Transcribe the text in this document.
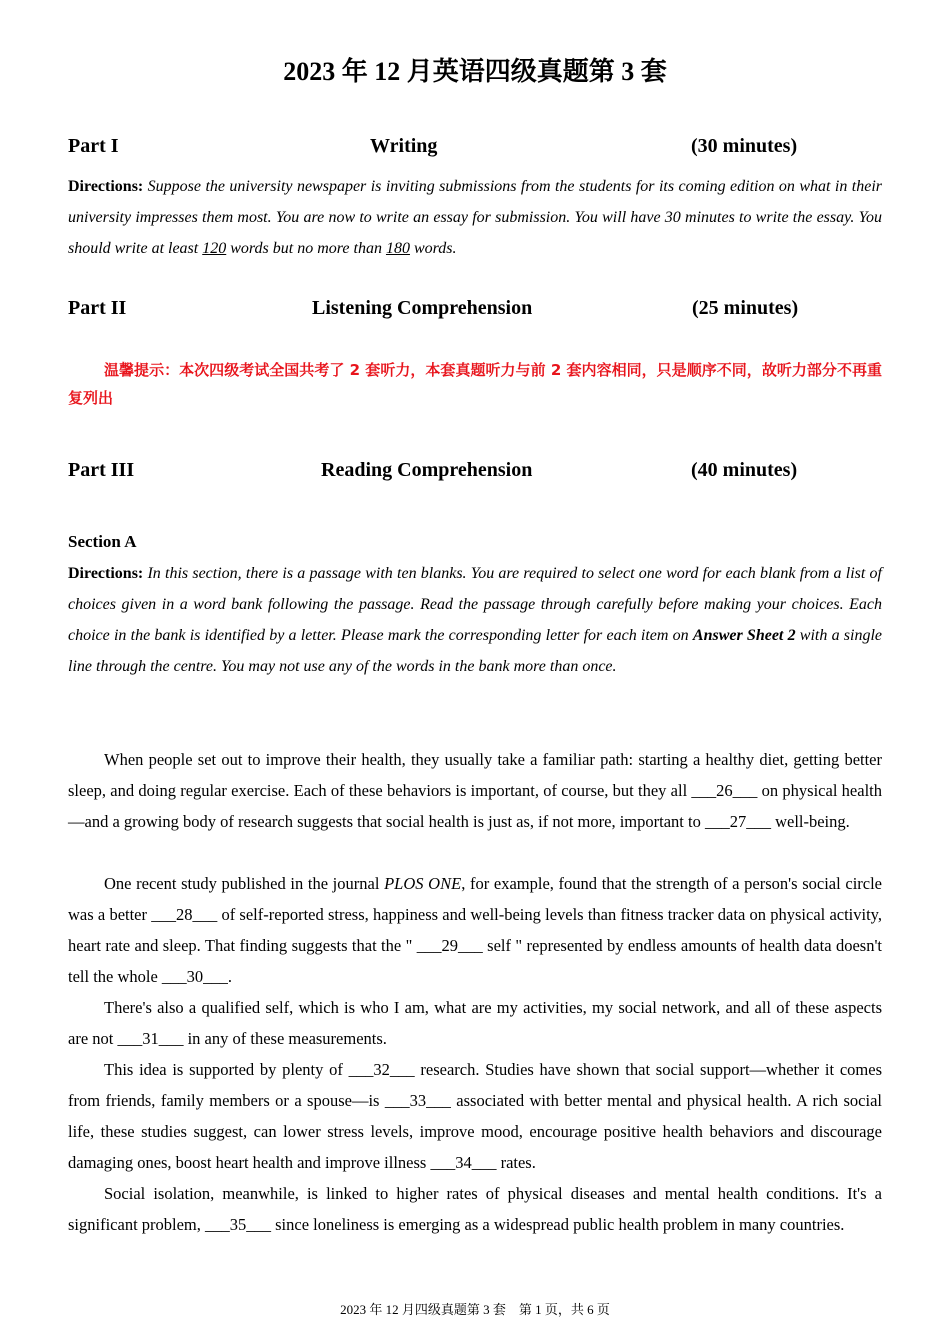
2023 年 12 月英语四级真题第 3 套
Part I	Writing	(30 minutes)
Directions: Suppose the university newspaper is inviting submissions from the students for its coming edition on what in their university impresses them most. You are now to write an essay for submission. You will have 30 minutes to write the essay. You should write at least 120 words but no more than 180 words.
Part II	Listening Comprehension	(25 minutes)
温馨提示：本次四级考试全国共考了 2 套听力，本套真题听力与前 2 套内容相同，只是顺序不同，故听力部分不再重复列出
Part III	Reading Comprehension	(40 minutes)
Section A
Directions: In this section, there is a passage with ten blanks. You are required to select one word for each blank from a list of choices given in a word bank following the passage. Read the passage through carefully before making your choices. Each choice in the bank is identified by a letter. Please mark the corresponding letter for each item on Answer Sheet 2 with a single line through the centre. You may not use any of the words in the bank more than once.
When people set out to improve their health, they usually take a familiar path: starting a healthy diet, getting better sleep, and doing regular exercise. Each of these behaviors is important, of course, but they all ___26___ on physical health—and a growing body of research suggests that social health is just as, if not more, important to ___27___ well-being.
One recent study published in the journal PLOS ONE, for example, found that the strength of a person's social circle was a better ___28___ of self-reported stress, happiness and well-being levels than fitness tracker data on physical activity, heart rate and sleep. That finding suggests that the " ___29___ self " represented by endless amounts of health data doesn't tell the whole ___30___.
There's also a qualified self, which is who I am, what are my activities, my social network, and all of these aspects are not ___31___ in any of these measurements.
This idea is supported by plenty of ___32___ research. Studies have shown that social support—whether it comes from friends, family members or a spouse—is ___33___ associated with better mental and physical health. A rich social life, these studies suggest, can lower stress levels, improve mood, encourage positive health behaviors and discourage damaging ones, boost heart health and improve illness ___34___ rates.
Social isolation, meanwhile, is linked to higher rates of physical diseases and mental health conditions. It's a significant problem, ___35___ since loneliness is emerging as a widespread public health problem in many countries.
2023 年 12 月四级真题第 3 套　第 1 页，共 6 页
